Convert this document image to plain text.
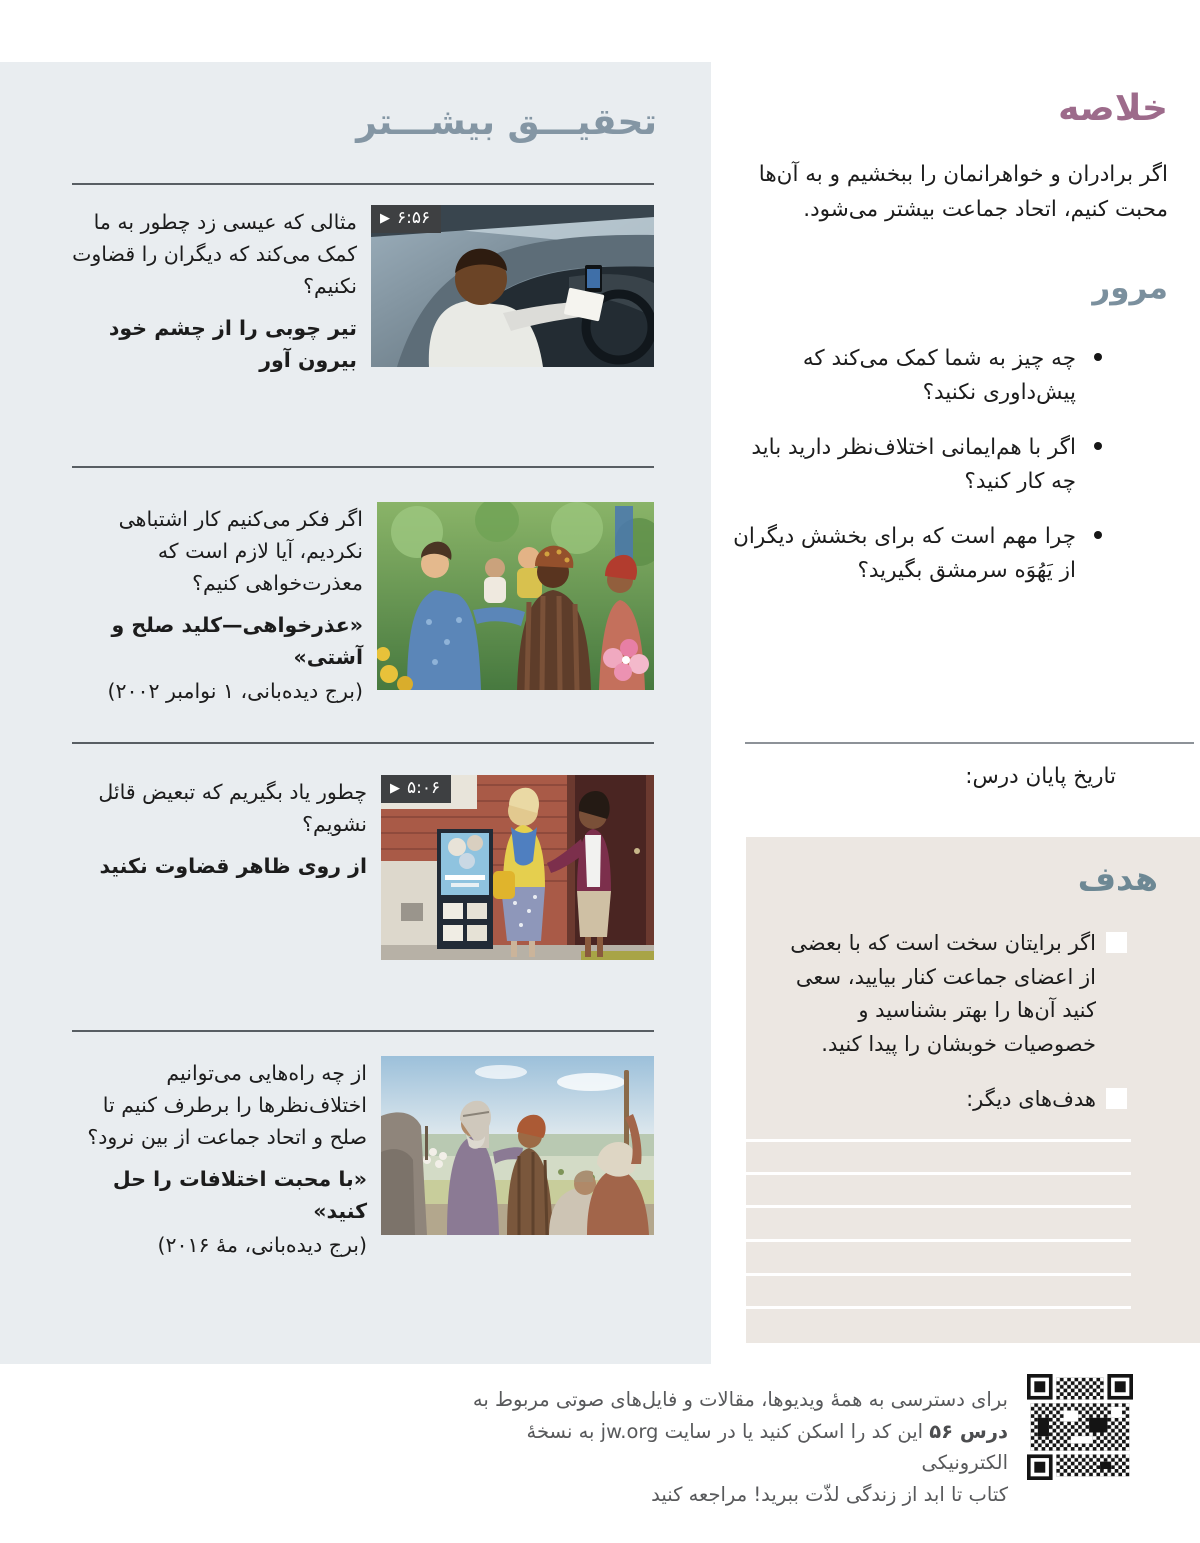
تحقیـــق بیشـــتر
▶ ۶:۵۶

مثالی که عیسی زد چطور به ما کمک می‌کند که دیگران را قضاوت نکنیم؟

تیر چوبی را از چشم خود بیرون آور

اگر فکر می‌کنیم کار اشتباهی نکردیم، آیا لازم است که معذرت‌خواهی کنیم؟

«عذرخواهی—کلید صلح و آشتی»

(برج دیده‌بانی، ۱ نوامبر ۲۰۰۲)

▶ ۵:۰۶

چطور یاد بگیریم که تبعیض قائل نشویم؟

از روی ظاهر قضاوت نکنید

از چه راه‌هایی می‌توانیم اختلاف‌نظرها را برطرف کنیم تا صلح و اتحاد جماعت از بین نرود؟

«با محبت اختلافات را حل کنید»

(برج دیده‌بانی، مهٔ ۲۰۱۶)

خلاصه

اگر برادران و خواهرانمان را ببخشیم و به آن‌ها محبت کنیم، اتحاد جماعت بیشتر می‌شود.

مرور
چه چیز به شما کمک می‌کند که پیش‌داوری نکنید؟
اگر با هم‌ایمانی اختلاف‌نظر دارید باید چه کار کنید؟
چرا مهم است که برای بخشش دیگران از یَهُوَه سرمشق بگیرید؟
تاریخ پایان درس:
هدف
اگر برایتان سخت است که با بعضی از اعضای جماعت کنار بیایید، سعی کنید آن‌ها را بهتر بشناسید و خصوصیات خوبشان را پیدا کنید.
هدف‌های دیگر:
برای دسترسی به همهٔ ویدیوها، مقالات و فایل‌های صوتی مربوط به
درس ۵۶ این کد را اسکن کنید یا در سایت jw.org به نسخهٔ الکترونیکی
کتاب تا ابد از زندگی لذّت ببرید! مراجعه کنید
